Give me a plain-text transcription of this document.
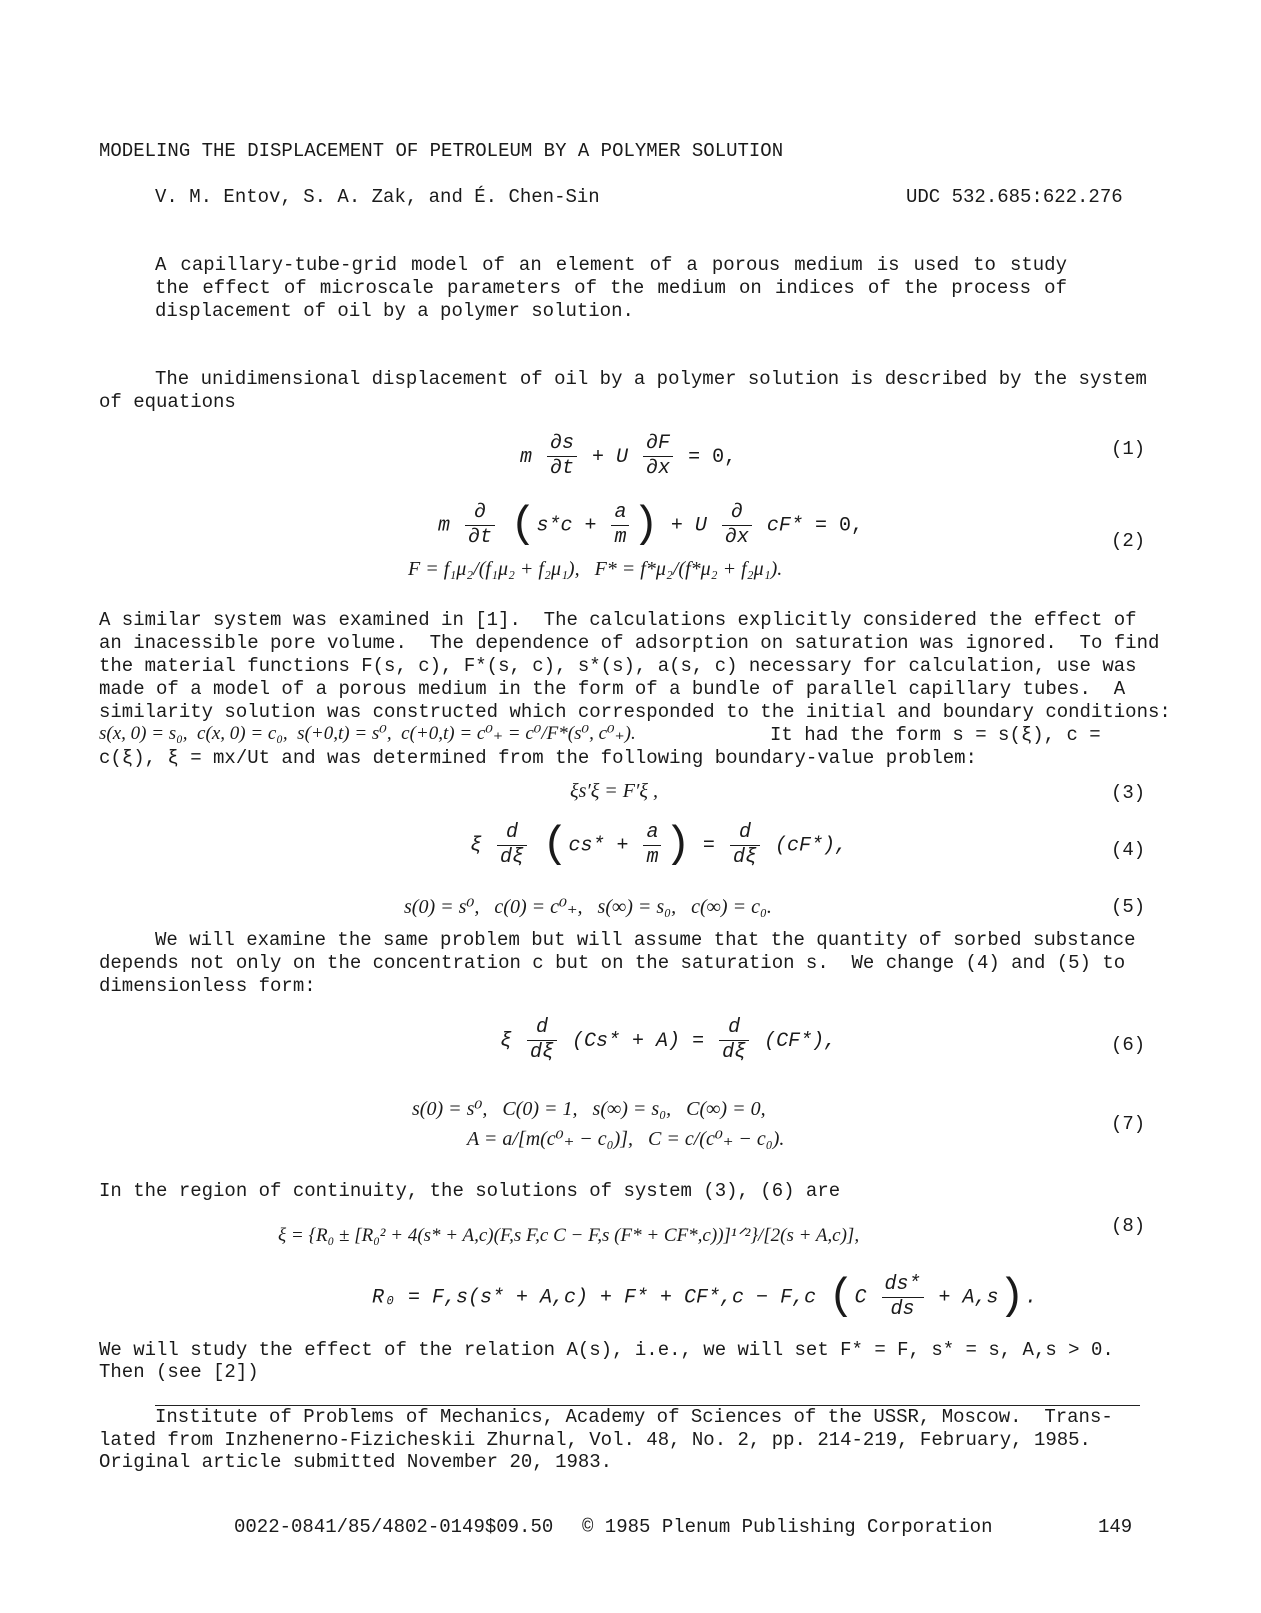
MODELING THE DISPLACEMENT OF PETROLEUM BY A POLYMER SOLUTION
V. M. Entov, S. A. Zak, and É. Chen-Sin	UDC 532.685:622.276
A capillary-tube-grid model of an element of a porous medium is used to study the effect of microscale parameters of the medium on indices of the process of displacement of oil by a polymer solution.
The unidimensional displacement of oil by a polymer solution is described by the system
of equations
m $\frac{\partial s}{\partial t} + U \frac{\partial F}{\partial x} = 0$,	(1)
m $\frac{\partial}{\partial t} (s*c + \frac{a}{m}$ ) + U $\frac{\partial}{\partial x} cF* = 0$,
F = f₁μ₂/(f₁μ₂ + f₂μ₁),   F* = f*μ₂/(f*μ₂ + f₂μ₁).
(2)
A similar system was examined in [1].  The calculations explicitly considered the effect of
an inacessible pore volume.  The dependence of adsorption on saturation was ignored.  To find
the material functions F(s, c), F*(s, c), s*(s), a(s, c) necessary for calculation, use was
made of a model of a porous medium in the form of a bundle of parallel capillary tubes.  A
similarity solution was constructed which corresponded to the initial and boundary conditions:
s(x, 0) = s₀,  c(x, 0) = c₀,  s(+0,t) = s⁰,  c(+0,t) = c⁰₊ = c⁰/F*(s⁰, c⁰₊).	It had the form s = s(ξ), c =
c(ξ), ξ = mx/Ut and was determined from the following boundary-value problem:
ξs′ξ = F′ξ ,	(3)
ξ $\frac{d}{d\xi} (cs* + \frac{a}{m}$ ) = $\frac{d}{d\xi} (cF*)$,	(4)
s(0) = s⁰,   c(0) = c⁰₊,   s(∞) = s₀,   c(∞) = c₀.	(5)
We will examine the same problem but will assume that the quantity of sorbed substance
depends not only on the concentration c but on the saturation s.  We change (4) and (5) to
dimensionless form:
ξ $\frac{d}{d\xi} (Cs* + A) = \frac{d}{d\xi} (CF*)$,	(6)
s(0) = s⁰,   C(0) = 1,   s(∞) = s₀,   C(∞) = 0,
A = a/[m(c⁰₊ − c₀)],   C = c/(c⁰₊ − c₀).
(7)
In the region of continuity, the solutions of system (3), (6) are
ξ = {R₀ ± [R₀² + 4(s* + A,c)(F,s F,c C − F,s (F* + CF*,c))]¹ᐟ²}/[2(s + A,c)],	(8)
R₀ = F,s(s* + A,c) + F* + CF*,c − F,c $(C \frac{ds*}{ds} + A,s)$.
We will study the effect of the relation A(s), i.e., we will set F* = F, s* = s, A,s > 0.
Then (see [2])
Institute of Problems of Mechanics, Academy of Sciences of the USSR, Moscow.  Trans-
lated from Inzhenerno-Fizicheskii Zhurnal, Vol. 48, No. 2, pp. 214-219, February, 1985.
Original article submitted November 20, 1983.
0022-0841/85/4802-0149$09.50 © 1985 Plenum Publishing Corporation	149
